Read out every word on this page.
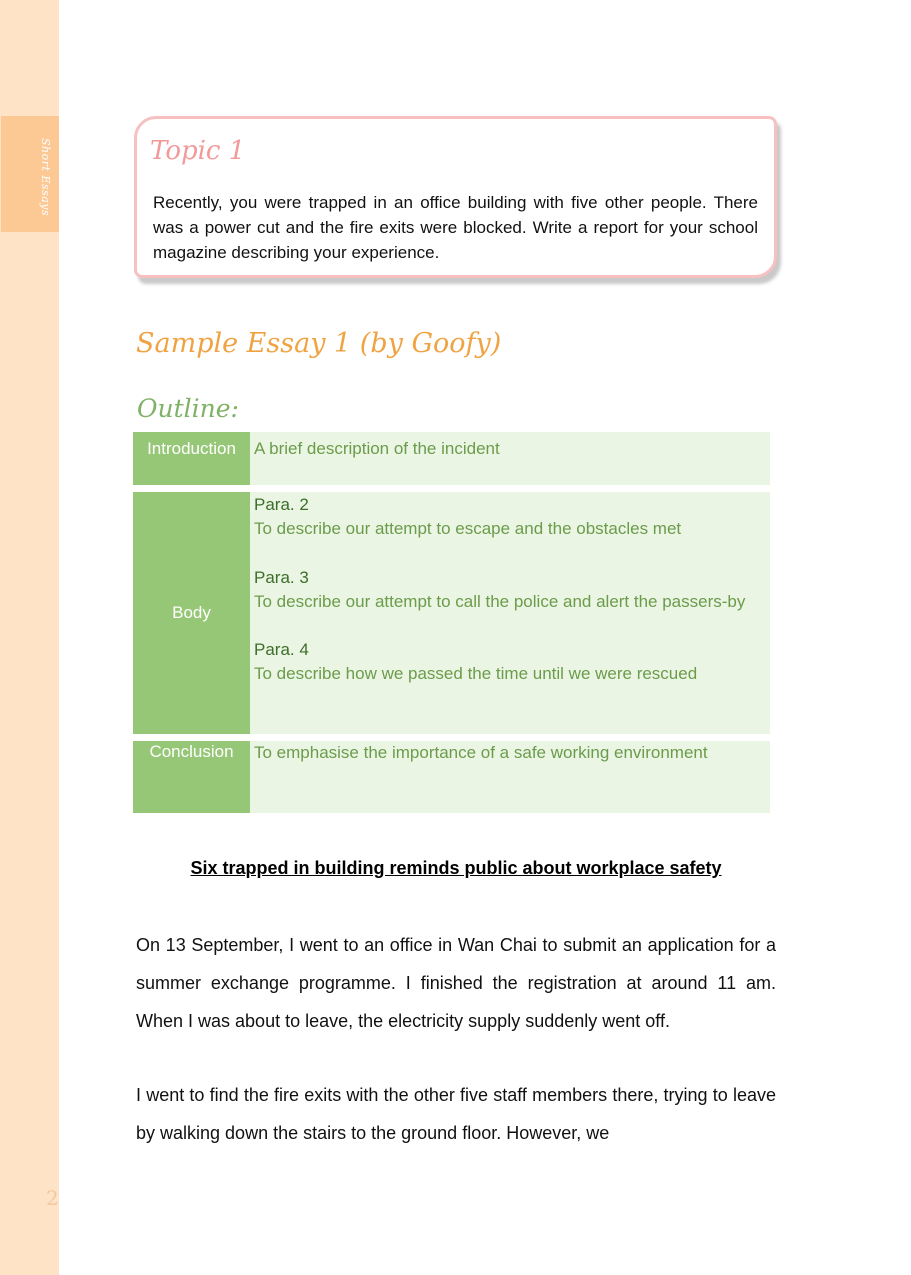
Short Essays
2
Topic 1
Recently, you were trapped in an office building with five other people. There was a power cut and the fire exits were blocked. Write a report for your school magazine describing your experience.
Sample Essay 1 (by Goofy)
Outline:
Introduction	A brief description of the incident
Body
Para. 2
To describe our attempt to escape and the obstacles met
Para. 3
To describe our attempt to call the police and alert the passers-by
Para. 4
To describe how we passed the time until we were rescued
Conclusion	To emphasise the importance of a safe working environment
Six trapped in building reminds public about workplace safety
On 13 September, I went to an office in Wan Chai to submit an application for a summer exchange programme. I finished the registration at around 11 am. When I was about to leave, the electricity supply suddenly went off.
I went to find the fire exits with the other five staff members there, trying to leave by walking down the stairs to the ground floor. However, we
